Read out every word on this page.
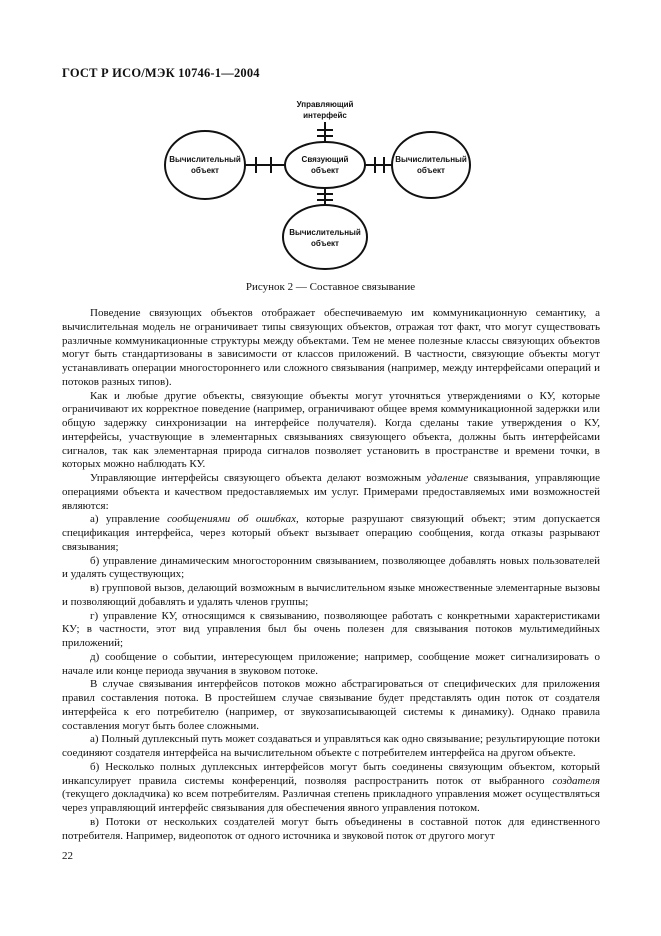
ГОСТ Р ИСО/МЭК 10746-1—2004
Управляющий
интерфейс
Связующий
объект
Вычислительный
объект
Вычислительный
объект
Вычислительный
объект
Рисунок 2 — Составное связывание

Поведение связующих объектов отображает обеспечиваемую им коммуникационную семантику, а вычислительная модель не ограничивает типы связующих объектов, отражая тот факт, что могут существовать различные коммуникационные структуры между объектами. Тем не менее полезные классы связующих объектов могут быть стандартизованы в зависимости от классов приложений. В частности, связующие объекты могут устанавливать операции многостороннего или сложного связывания (например, между интерфейсами операций и потоков разных типов).

Как и любые другие объекты, связующие объекты могут уточняться утверждениями о КУ, которые ограничивают их корректное поведение (например, ограничивают общее время коммуникационной задержки или общую задержку синхронизации на интерфейсе получателя). Когда сделаны такие утверждения о КУ, интерфейсы, участвующие в элементарных связываниях связующего объекта, должны быть интерфейсами сигналов, так как элементарная природа сигналов позволяет установить в пространстве и времени точки, в которых можно наблюдать КУ.

Управляющие интерфейсы связующего объекта делают возможным удаление связывания, управляющие операциями объекта и качеством предоставляемых им услуг. Примерами предоставляемых ими возможностей являются:

а) управление сообщениями об ошибках, которые разрушают связующий объект; этим допускается спецификация интерфейса, через который объект вызывает операцию сообщения, когда отказы разрывают связывания;

б) управление динамическим многосторонним связыванием, позволяющее добавлять новых пользователей и удалять существующих;

в) групповой вызов, делающий возможным в вычислительном языке множественные элементарные вызовы и позволяющий добавлять и удалять членов группы;

г) управление КУ, относящимся к связыванию, позволяющее работать с конкретными характеристиками КУ; в частности, этот вид управления был бы очень полезен для связывания потоков мультимедийных приложений;

д) сообщение о событии, интересующем приложение; например, сообщение может сигнализировать о начале или конце периода звучания в звуковом потоке.

В случае связывания интерфейсов потоков можно абстрагироваться от специфических для приложения правил составления потока. В простейшем случае связывание будет представлять один поток от создателя интерфейса к его потребителю (например, от звукозаписывающей системы к динамику). Однако правила составления могут быть более сложными.

а) Полный дуплексный путь может создаваться и управляться как одно связывание; результирующие потоки соединяют создателя интерфейса на вычислительном объекте с потребителем интерфейса на другом объекте.

б) Несколько полных дуплексных интерфейсов могут быть соединены связующим объектом, который инкапсулирует правила системы конференций, позволяя распространить поток от выбранного создателя (текущего докладчика) ко всем потребителям. Различная степень прикладного управления может осуществляться через управляющий интерфейс связывания для обеспечения явного управления потоком.

в) Потоки от нескольких создателей могут быть объединены в составной поток для единственного потребителя. Например, видеопоток от одного источника и звуковой поток от другого могут

22
